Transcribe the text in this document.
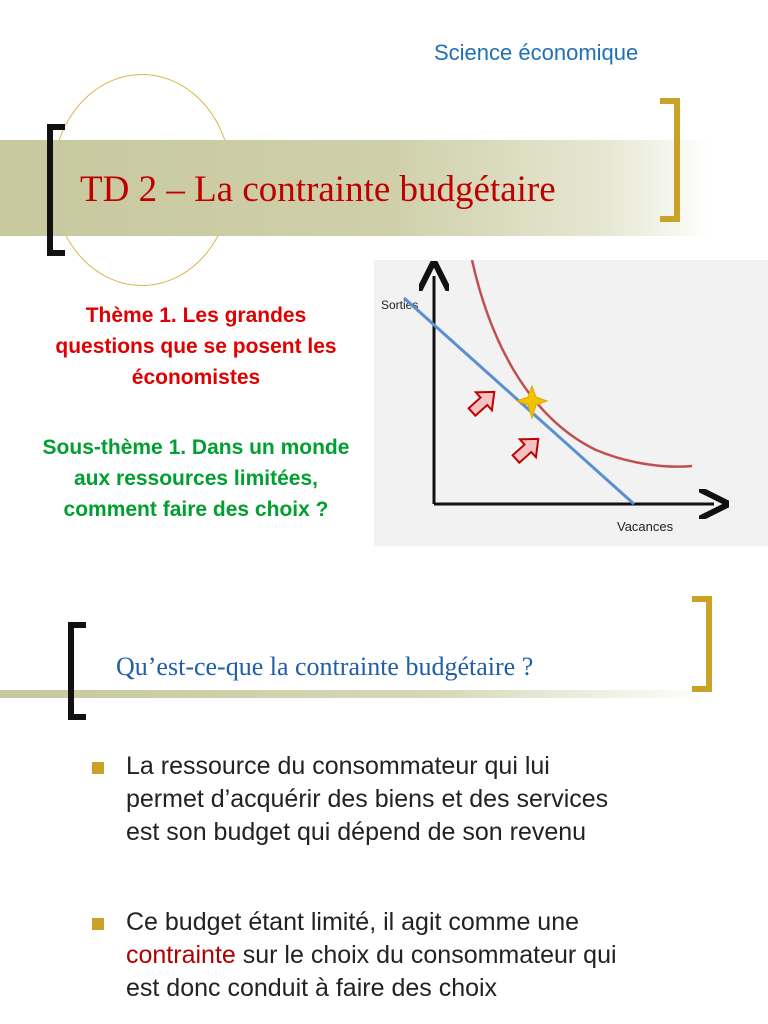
Science économique
TD 2 – La contrainte budgétaire
Thème 1. Les grandes questions que se posent les économistes
Sous-thème 1. Dans un monde aux ressources limitées, comment faire des choix ?
Sorties
Vacances
Qu’est-ce-que la contrainte budgétaire ?
La ressource du consommateur qui lui
permet d’acquérir des biens et des services
est son budget qui dépend de son revenu
Ce budget étant limité, il agit comme une
contrainte sur le choix du consommateur qui
est donc conduit à faire des choix
